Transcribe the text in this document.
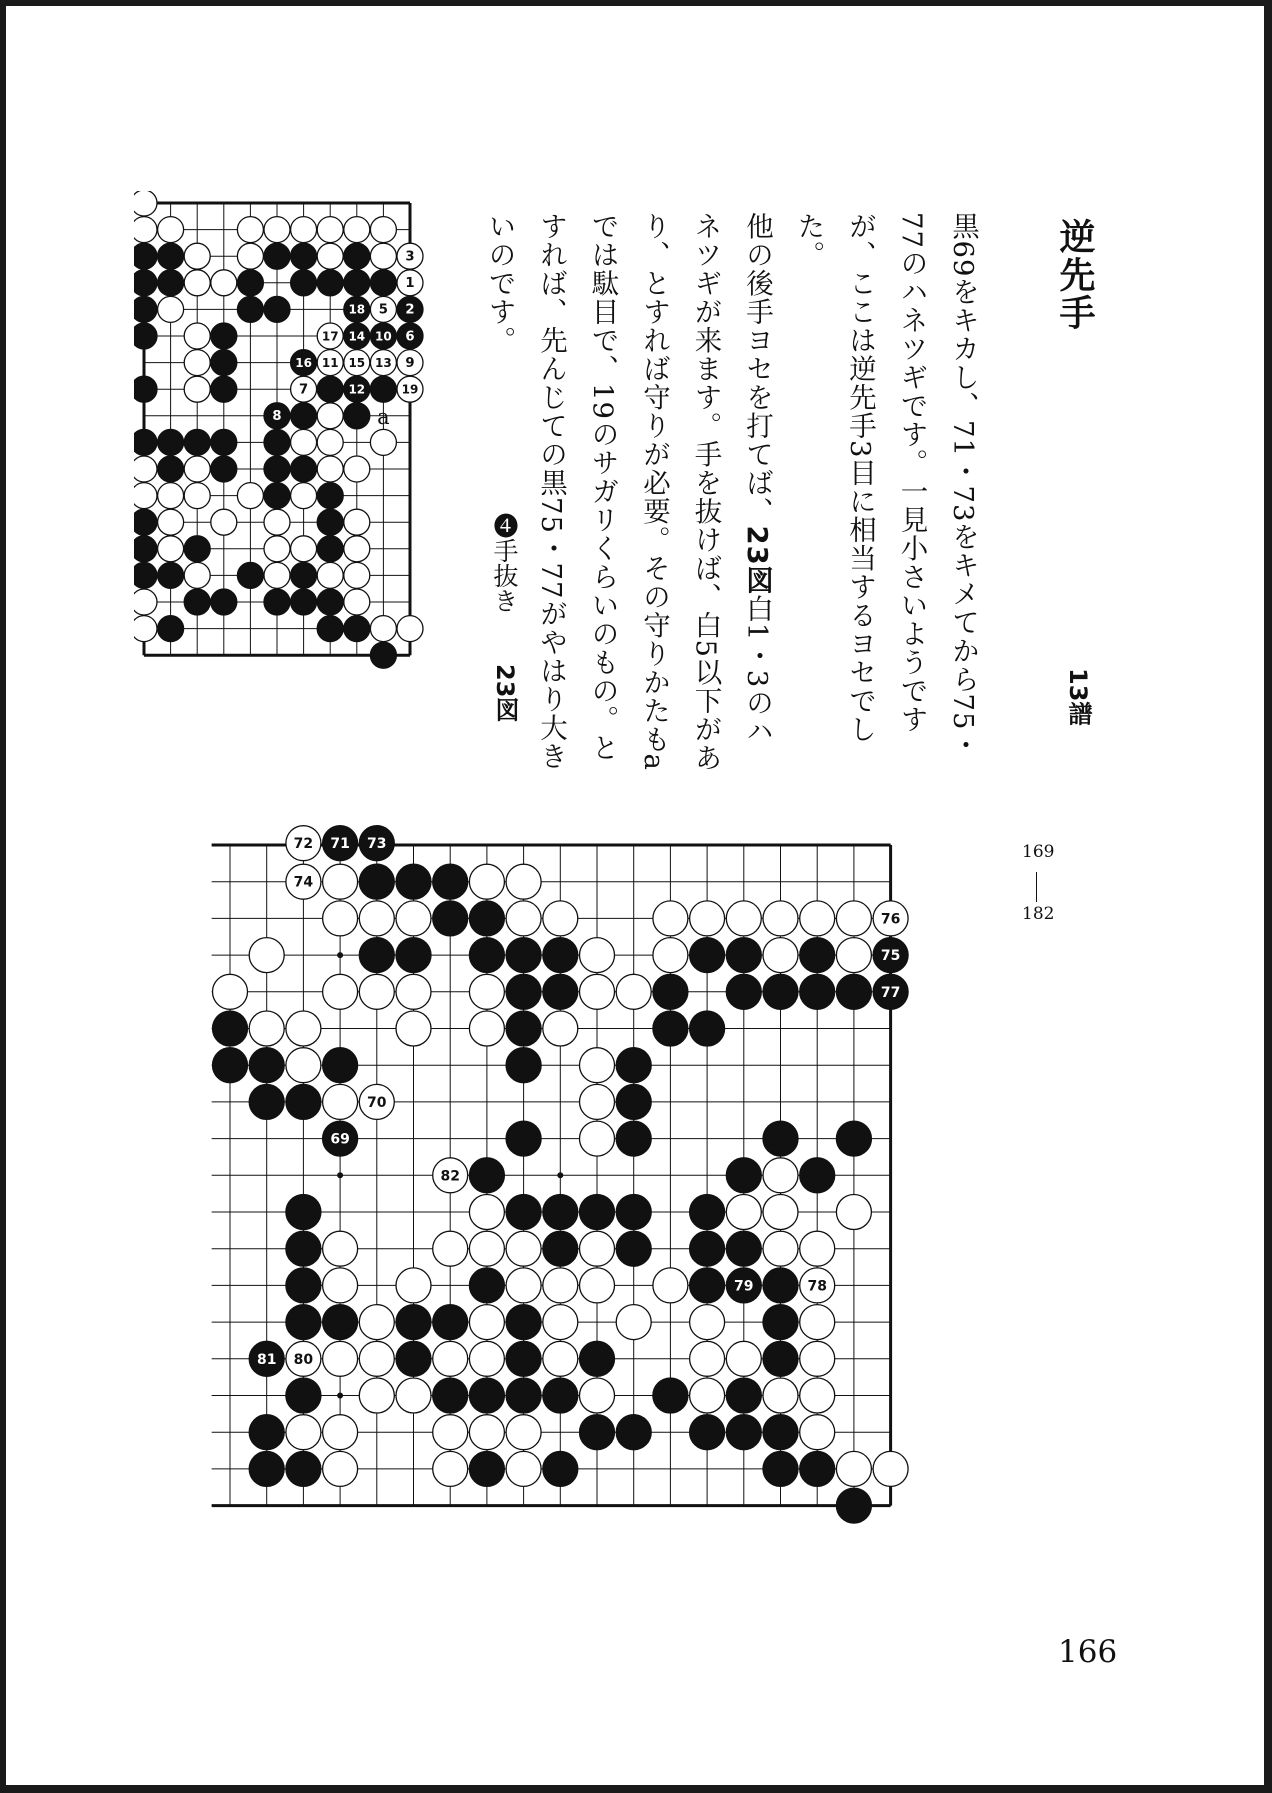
逆先手
13譜

黒69をキカし、71・73をキメてから75・77のハネツギです。一見小さいようですが、ここは逆先手3目に相当するヨセでした。

他の後手ヨセを打てば、23図白1・3のハネツギが来ます。手を抜けば、白5以下があり、とすれば守りが必要。その守りかたもaでは駄目で、19のサガリくらいのもの。とすれば、先んじての黒75・77がやはり大きいのです。

3
1
18 5 2
17 14 10 6
16 11 15 13 9
7	12	19
8	a
❹手抜き
23図
72 71 73
74
76
75
77
70
69
82
79	78
81 80
169
182
166
